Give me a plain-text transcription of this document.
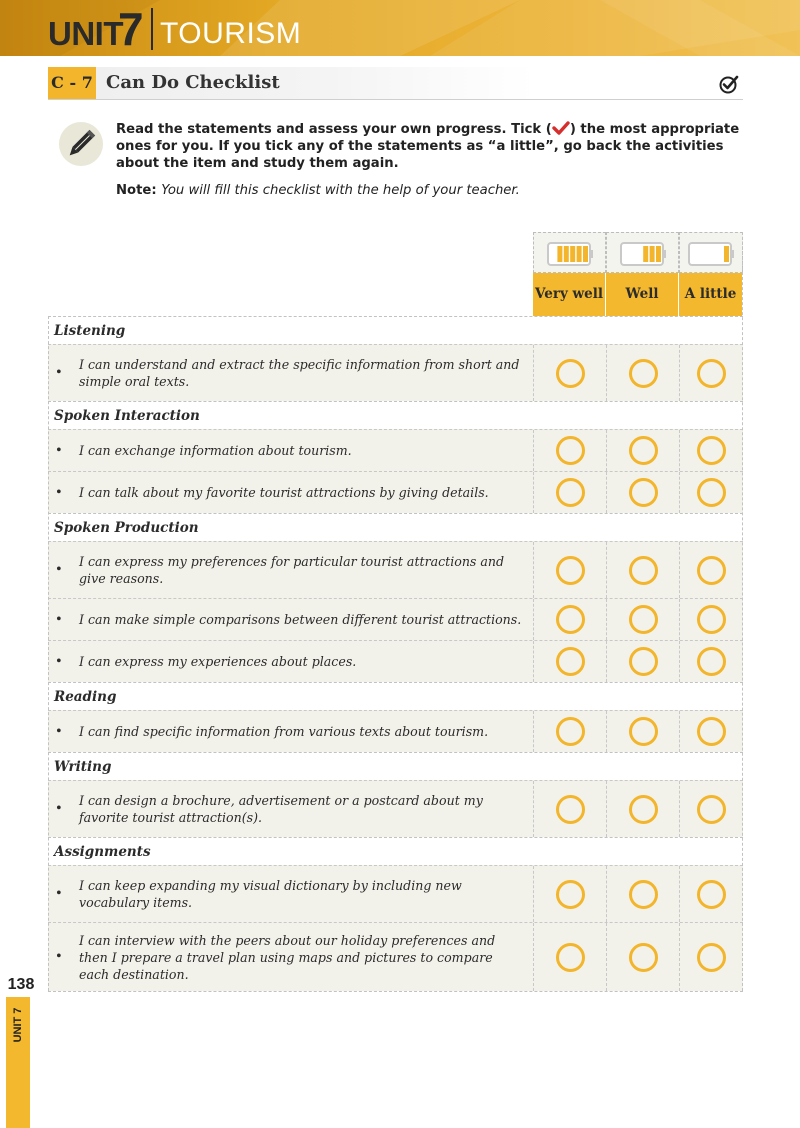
UNIT
7 TOURISM
C - 7 Can Do Checklist

Read the statements and assess your own progress. Tick ( ) the most appropriate ones for you. If you tick any of the statements as “a little”, go back the activities about the item and study them again.

Note: You will fill this checklist with the help of your teacher.

Very well	Well	A little
Listening
•
I can understand and extract the specific information from short and simple oral texts.
Spoken Interaction
• I can exchange information about tourism.
• I can talk about my favorite tourist attractions by giving details.
Spoken Production
•
I can express my preferences for particular tourist attractions and give reasons.
• I can make simple comparisons between different tourist attractions.
• I can express my experiences about places.
Reading
• I can find specific information from various texts about tourism.
Writing
•
I can design a brochure, advertisement or a postcard about my favorite tourist attraction(s).
Assignments
•
I can keep expanding my visual dictionary by including new vocabulary items.
•
I can interview with the peers about our holiday preferences and then I prepare a travel plan using maps and pictures to compare each destination.
138
UNIT 7
